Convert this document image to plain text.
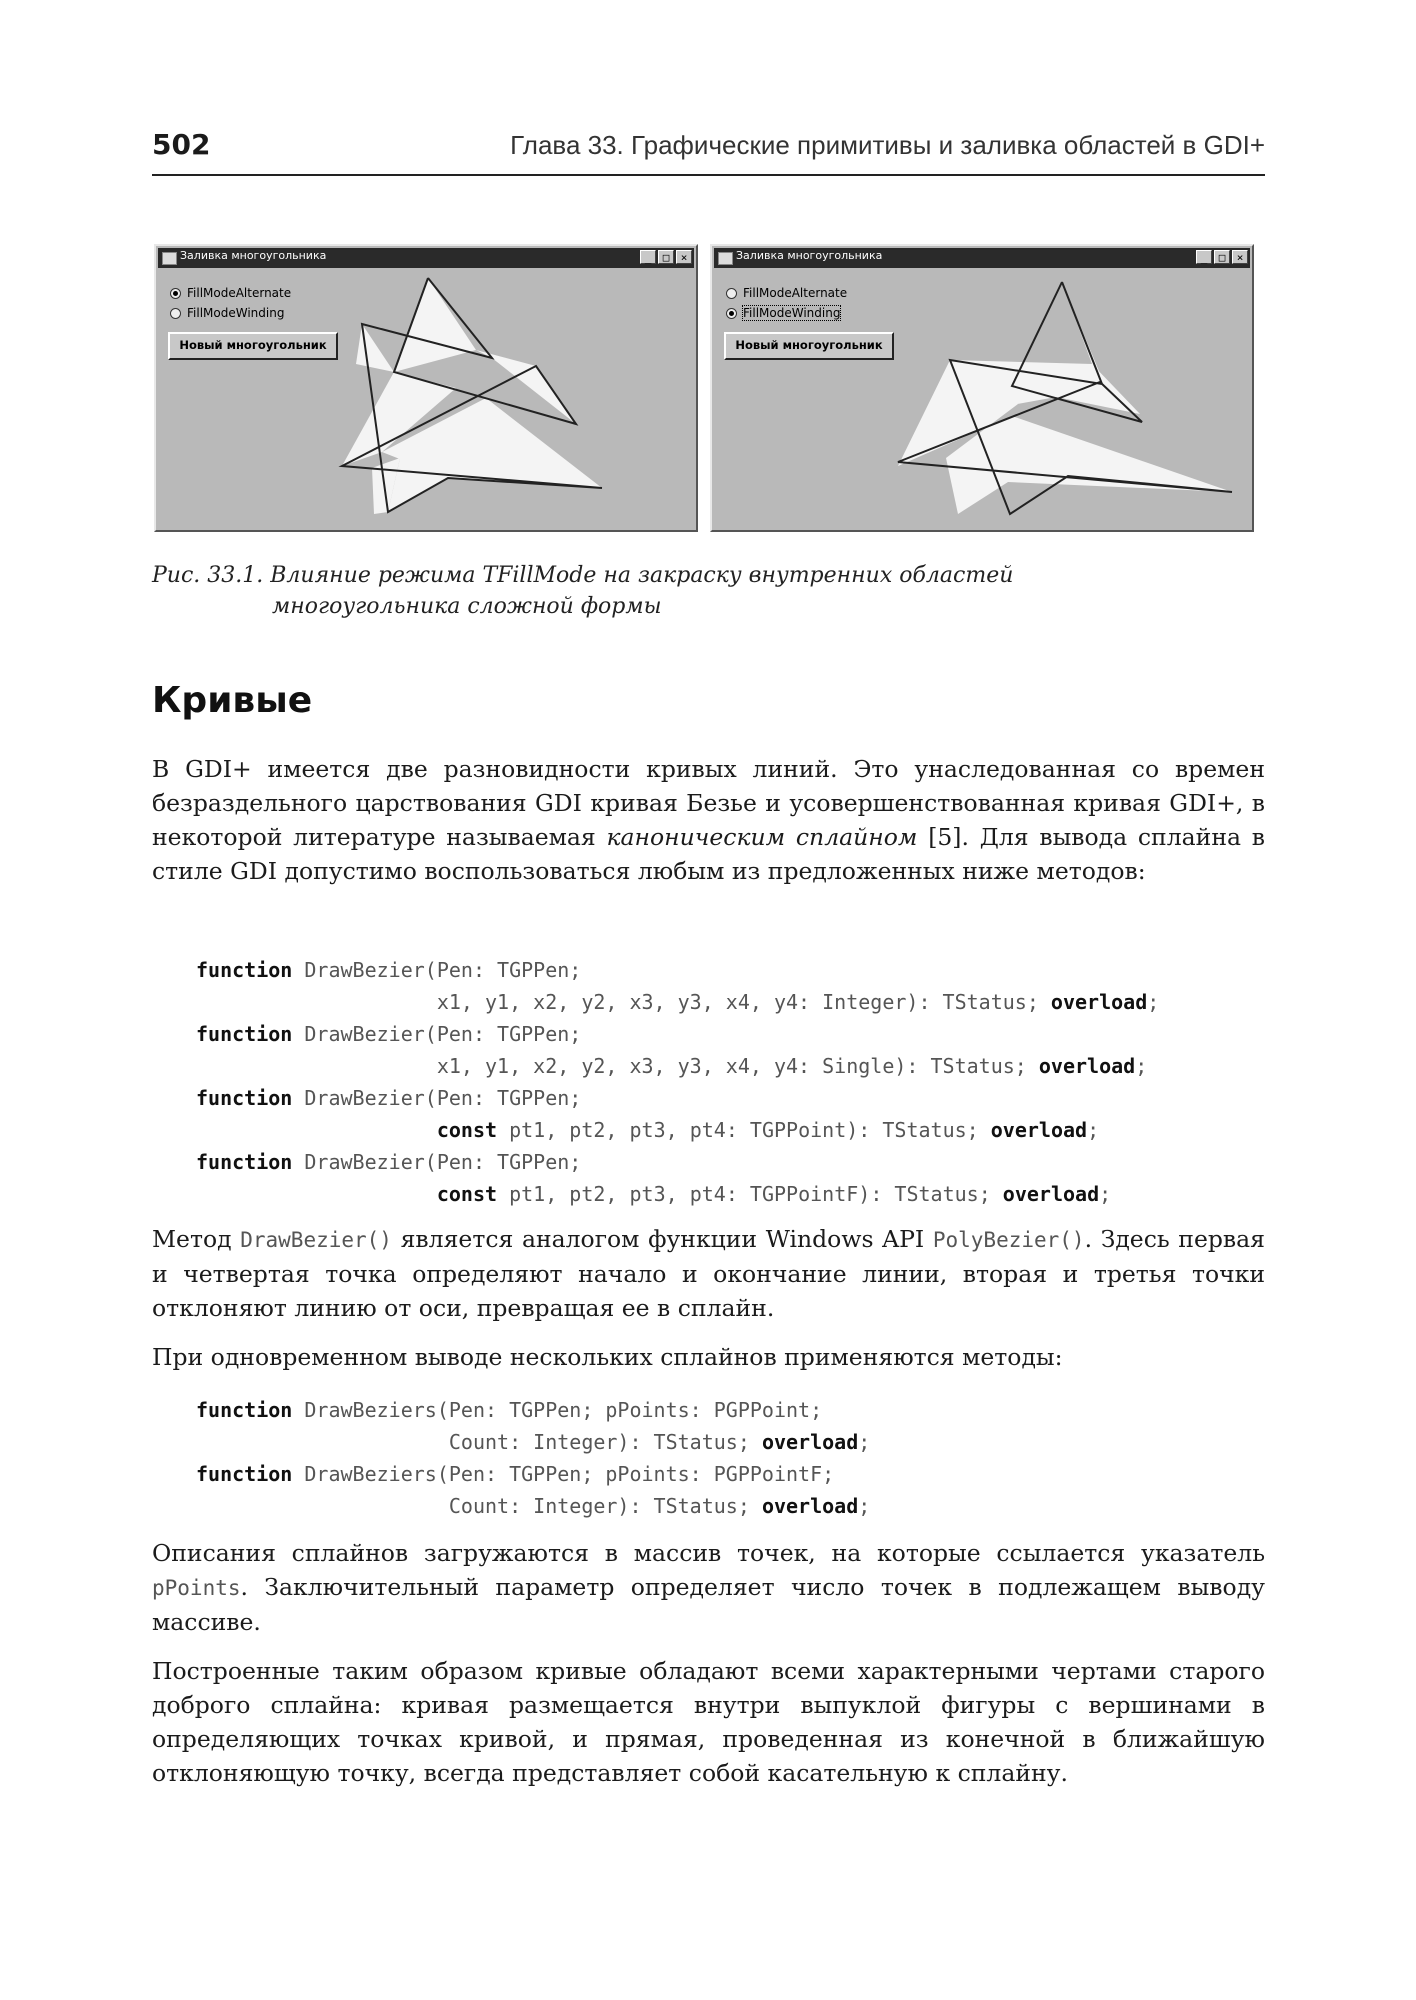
502	Глава 33. Графические примитивы и заливка областей в GDI+
Заливка многоугольника	_	□	×
FillModeAlternate
FillModeWinding
Новый многоугольник
Заливка многоугольника	_	□	×
FillModeAlternate
FillModeWinding
Новый многоугольник
Рис. 33.1. Влияние режима TFillMode на закраску внутренних областей
многоугольника сложной формы
Кривые

В GDI+ имеется две разновидности кривых линий. Это унаследованная со времен безраздельного царствования GDI кривая Безье и усовершенствованная кривая GDI+, в некоторой литературе называемая каноническим сплайном [5]. Для вывода сплайна в стиле GDI допустимо воспользоваться любым из предложенных ниже методов:

function DrawBezier(Pen: TGPPen;
x1, y1, x2, y2, x3, y3, x4, y4: Integer): TStatus; overload;
function DrawBezier(Pen: TGPPen;
x1, y1, x2, y2, x3, y3, x4, y4: Single): TStatus; overload;
function DrawBezier(Pen: TGPPen;
const pt1, pt2, pt3, pt4: TGPPoint): TStatus; overload;
function DrawBezier(Pen: TGPPen;
const pt1, pt2, pt3, pt4: TGPPointF): TStatus; overload;

Метод DrawBezier() является аналогом функции Windows API PolyBezier(). Здесь первая и четвертая точка определяют начало и окончание линии, вторая и третья точки отклоняют линию от оси, превращая ее в сплайн.

При одновременном выводе нескольких сплайнов применяются методы:

function DrawBeziers(Pen: TGPPen; pPoints: PGPPoint;
Count: Integer): TStatus; overload;
function DrawBeziers(Pen: TGPPen; pPoints: PGPPointF;
Count: Integer): TStatus; overload;

Описания сплайнов загружаются в массив точек, на которые ссылается указатель pPoints. Заключительный параметр определяет число точек в подлежащем выводу массиве.

Построенные таким образом кривые обладают всеми характерными чертами старого доброго сплайна: кривая размещается внутри выпуклой фигуры с вершинами в определяющих точках кривой, и прямая, проведенная из конечной в ближайшую отклоняющую точку, всегда представляет собой касательную к сплайну.
